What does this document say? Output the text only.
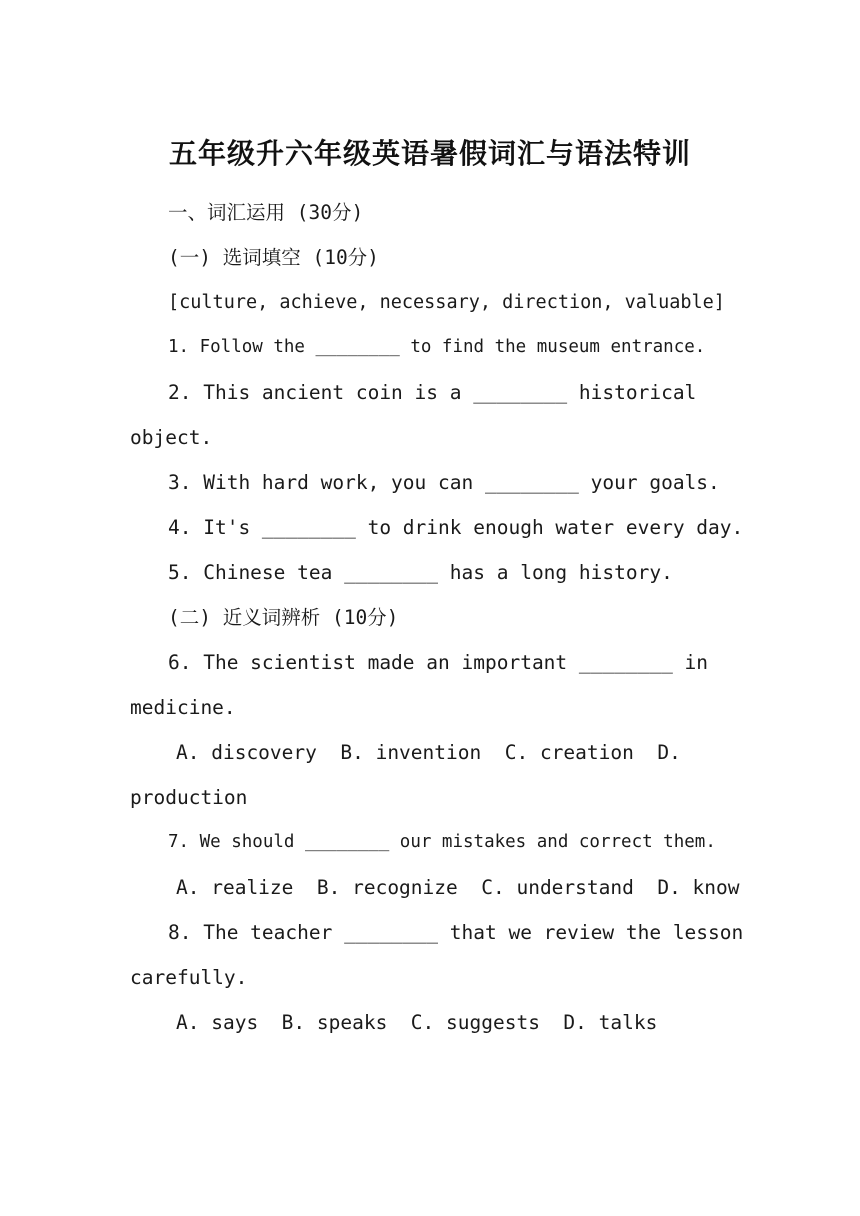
五年级升六年级英语暑假词汇与语法特训
一、词汇运用 (30分)
(一) 选词填空 (10分)
[culture, achieve, necessary, direction, valuable]
1. Follow the ________ to find the museum entrance.
2. This ancient coin is a ________ historical
object.
3. With hard work, you can ________ your goals.
4. It's ________ to drink enough water every day.
5. Chinese tea ________ has a long history.
(二) 近义词辨析 (10分)
6. The scientist made an important ________ in
medicine.
A. discovery  B. invention  C. creation  D.
production
7. We should ________ our mistakes and correct them.
A. realize  B. recognize  C. understand  D. know
8. The teacher ________ that we review the lesson
carefully.
A. says  B. speaks  C. suggests  D. talks
